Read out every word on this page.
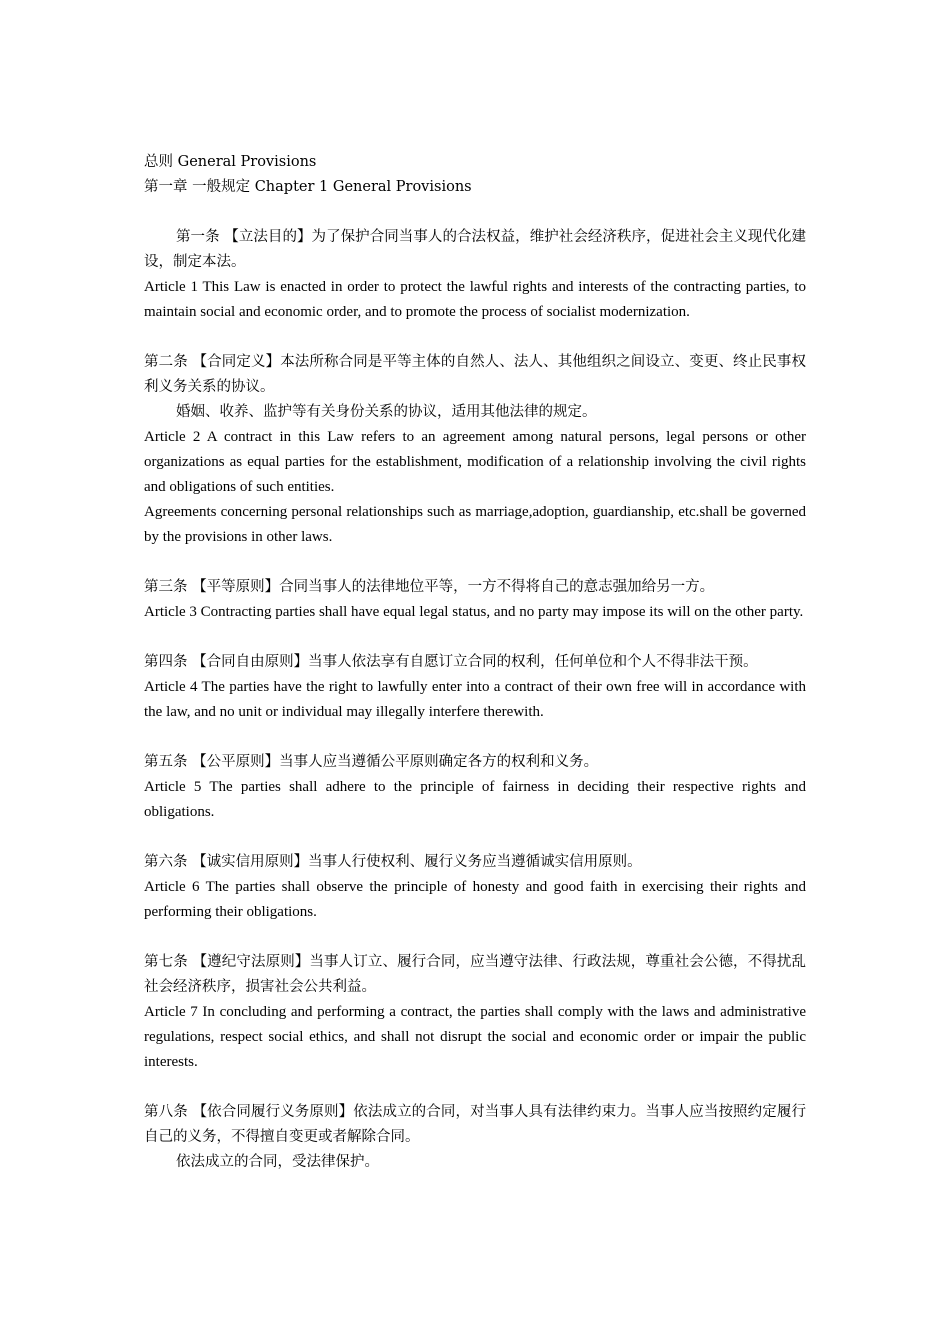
总则 General Provisions

第一章 一般规定 Chapter 1 General Provisions

第一条 【立法目的】为了保护合同当事人的合法权益，维护社会经济秩序，促进社会主义现代化建设，制定本法。

Article 1 This Law is enacted in order to protect the lawful rights and interests of the contracting parties, to maintain social and economic order, and to promote the process of socialist modernization.

第二条 【合同定义】本法所称合同是平等主体的自然人、法人、其他组织之间设立、变更、终止民事权利义务关系的协议。

婚姻、收养、监护等有关身份关系的协议，适用其他法律的规定。

Article 2 A contract in this Law refers to an agreement among natural persons, legal persons or other organizations as equal parties for the establishment, modification of a relationship involving the civil rights and obligations of such entities.

Agreements concerning personal relationships such as marriage,adoption, guardianship, etc.shall be governed by the provisions in other laws.

第三条 【平等原则】合同当事人的法律地位平等，一方不得将自己的意志强加给另一方。

Article 3 Contracting parties shall have equal legal status, and no party may impose its will on the other party.

第四条 【合同自由原则】当事人依法享有自愿订立合同的权利，任何单位和个人不得非法干预。

Article 4 The parties have the right to lawfully enter into a contract of their own free will in accordance with the law, and no unit or individual may illegally interfere therewith.

第五条 【公平原则】当事人应当遵循公平原则确定各方的权利和义务。

Article 5 The parties shall adhere to the principle of fairness in deciding their respective rights and obligations.

第六条 【诚实信用原则】当事人行使权利、履行义务应当遵循诚实信用原则。

Article 6 The parties shall observe the principle of honesty and good faith in exercising their rights and performing their obligations.

第七条 【遵纪守法原则】当事人订立、履行合同，应当遵守法律、行政法规，尊重社会公德，不得扰乱社会经济秩序，损害社会公共利益。

Article 7 In concluding and performing a contract, the parties shall comply with the laws and administrative regulations, respect social ethics, and shall not disrupt the social and economic order or impair the public interests.

第八条 【依合同履行义务原则】依法成立的合同，对当事人具有法律约束力。当事人应当按照约定履行自己的义务，不得擅自变更或者解除合同。

依法成立的合同，受法律保护。
